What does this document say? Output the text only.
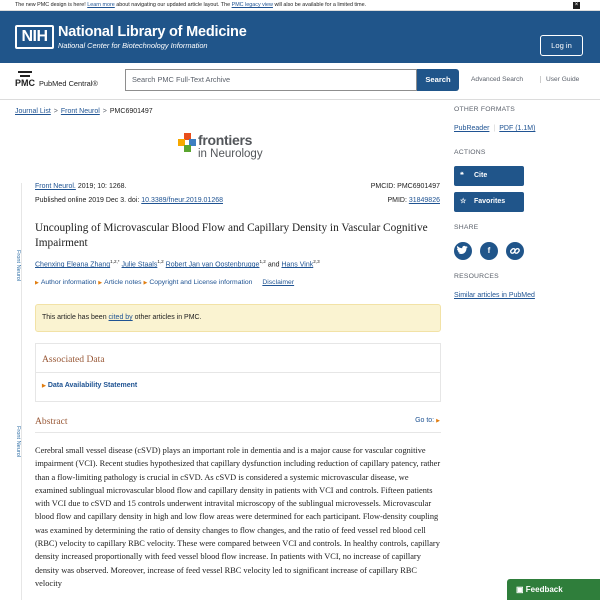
The new PMC design is here! Learn more about navigating our updated article layout. The PMC legacy view will also be available for a limited time.	×
NIH National Library of Medicine
National Center for Biotechnology Information	Log in
PMC PubMed Central®	Search PMC Full-Text Archive	Search	Advanced Search	User Guide
Journal List > Front Neurol > PMC6901497
frontiers
in Neurology
Front Neurol
Front Neurol
Front Neurol. 2019; 10: 1268.
Published online 2019 Dec 3. doi: 10.3389/fneur.2019.01268
PMCID: PMC6901497
PMID: 31849826
Uncoupling of Microvascular Blood Flow and Capillary Density in Vascular Cognitive Impairment
Chenxing Eleana Zhang$^{1,2,*}$ Julie Staals$^{1,2}$ Robert Jan van Oostenbrugge$^{1,2}$ and Hans Vink$^{2,3}$
▶ Author information ▶ Article notes ▶ Copyright and License information Disclaimer
This article has been cited by other articles in PMC.
Associated Data
▶ Data Availability Statement
Abstract	Go to: ▶
Cerebral small vessel disease (cSVD) plays an important role in dementia and is a major cause for vascular cognitive impairment (VCI). Recent studies hypothesized that capillary dysfunction including reduction of capillary patency, rather than a flow-limiting pathology is crucial in cSVD. As cSVD is considered a systemic microvascular disease, we examined sublingual microvascular blood flow and capillary density in patients with VCI and controls. Fifteen patients with VCI due to cSVD and 15 controls underwent intravital microscopy of the sublingual microvessels. Microvascular blood flow and capillary density in high and low flow areas were determined for each participant. Flow-density coupling was examined by determining the ratio of density changes to flow changes, and the ratio of feed vessel red blood cell (RBC) velocity to capillary RBC velocity. These were compared between VCI and controls. In healthy controls, capillary density increased proportionally with feed vessel blood flow increase. In patients with VCI, no increase of capillary density was observed. Moreover, increase of feed vessel RBC velocity led to significant increase of capillary RBC velocity
OTHER FORMATS
PubReader | PDF (1.1M)
ACTIONS
❝ Cite
☆ Favorites
SHARE
f
RESOURCES
Similar articles in PubMed
▣ Feedback
